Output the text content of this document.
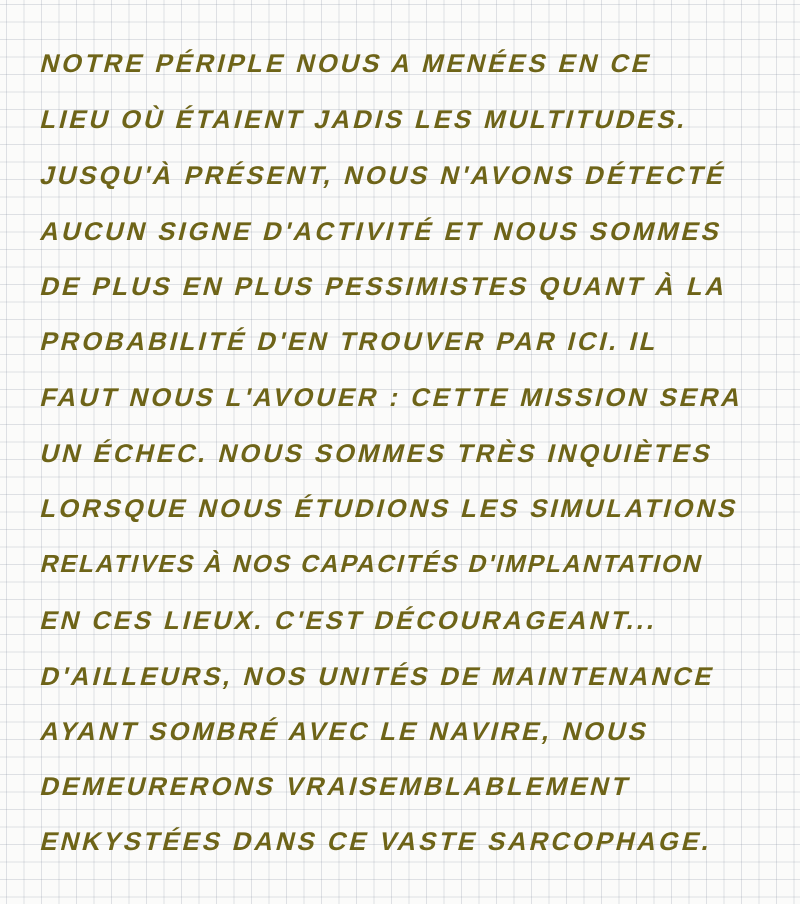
NOTRE PÉRIPLE NOUS A MENÉES EN CE
LIEU OÙ ÉTAIENT JADIS LES MULTITUDES.
JUSQU'À PRÉSENT, NOUS N'AVONS DÉTECTÉ
AUCUN SIGNE D'ACTIVITÉ ET NOUS SOMMES
DE PLUS EN PLUS PESSIMISTES QUANT À LA
PROBABILITÉ D'EN TROUVER PAR ICI. IL
FAUT NOUS L'AVOUER : CETTE MISSION SERA
UN ÉCHEC. NOUS SOMMES TRÈS INQUIÈTES
LORSQUE NOUS ÉTUDIONS LES SIMULATIONS
RELATIVES À NOS CAPACITÉS D'IMPLANTATION
EN CES LIEUX. C'EST DÉCOURAGEANT...
D'AILLEURS, NOS UNITÉS DE MAINTENANCE
AYANT SOMBRÉ AVEC LE NAVIRE, NOUS
DEMEURERONS VRAISEMBLABLEMENT
ENKYSTÉES DANS CE VASTE SARCOPHAGE.
